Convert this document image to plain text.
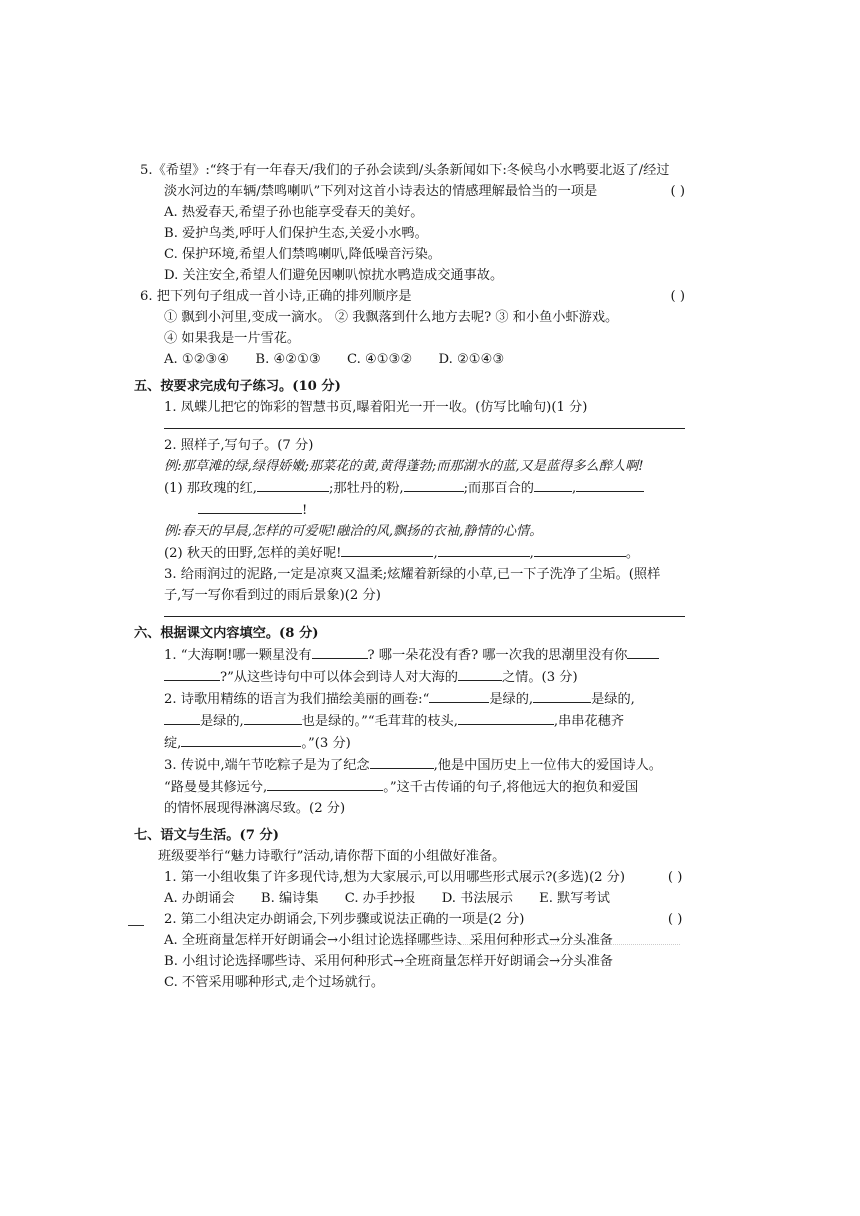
5.《希望》:“终于有一年春天/我们的子孙会读到/头条新闻如下:冬候鸟小水鸭要北返了/经过
淡水河边的车辆/禁鸣喇叭”下列对这首小诗表达的情感理解最恰当的一项是	( )
A. 热爱春天,希望子孙也能享受春天的美好。
B. 爱护鸟类,呼吁人们保护生态,关爱小水鸭。
C. 保护环境,希望人们禁鸣喇叭,降低噪音污染。
D. 关注安全,希望人们避免因喇叭惊扰水鸭造成交通事故。
6. 把下列句子组成一首小诗,正确的排列顺序是	( )
① 飘到小河里,变成一滴水。 ② 我飘落到什么地方去呢? ③ 和小鱼小虾游戏。
④ 如果我是一片雪花。
A. ①②③④ B. ④②①③ C. ④①③② D. ②①④③
五、按要求完成句子练习。(10 分)
1. 凤蝶儿把它的饰彩的智慧书页,曝着阳光一开一收。(仿写比喻句)(1 分)
2. 照样子,写句子。(7 分)
例:那草滩的绿,绿得娇嫩;那菜花的黄,黄得蓬勃;而那湖水的蓝,又是蓝得多么醉人啊!
(1) 那玫瑰的红,	;那牡丹的粉,	;而那百合的	,
!
例:春天的早晨,怎样的可爱呢!融洽的风,飘扬的衣袖,静情的心情。
(2) 秋天的田野,怎样的美好呢!	,	,	。
3. 给雨润过的泥路,一定是凉爽又温柔;炫耀着新绿的小草,已一下子洗净了尘垢。(照样
子,写一写你看到过的雨后景象)(2 分)
六、根据课文内容填空。(8 分)
1. “大海啊!哪一颗星没有	? 哪一朵花没有香? 哪一次我的思潮里没有你
?”从这些诗句中可以体会到诗人对大海的	之情。(3 分)
2. 诗歌用精练的语言为我们描绘美丽的画卷:“	是绿的,	是绿的,
是绿的,	也是绿的。”“毛茸茸的枝头,	,串串花穗齐
绽,	。”(3 分)
3. 传说中,端午节吃粽子是为了纪念	,他是中国历史上一位伟大的爱国诗人。
“路曼曼其修远兮,	。”这千古传诵的句子,将他远大的抱负和爱国
的情怀展现得淋漓尽致。(2 分)
七、语文与生活。(7 分)
班级要举行“魅力诗歌行”活动,请你帮下面的小组做好准备。
1. 第一小组收集了许多现代诗,想为大家展示,可以用哪些形式展示?(多选)(2 分)	( )
A. 办朗诵会 B. 编诗集 C. 办手抄报 D. 书法展示 E. 默写考试
2. 第二小组决定办朗诵会,下列步骤或说法正确的一项是(2 分)	( )
A. 全班商量怎样开好朗诵会→小组讨论选择哪些诗、采用何种形式→分头准备
B. 小组讨论选择哪些诗、采用何种形式→全班商量怎样开好朗诵会→分头准备
C. 不管采用哪种形式,走个过场就行。
